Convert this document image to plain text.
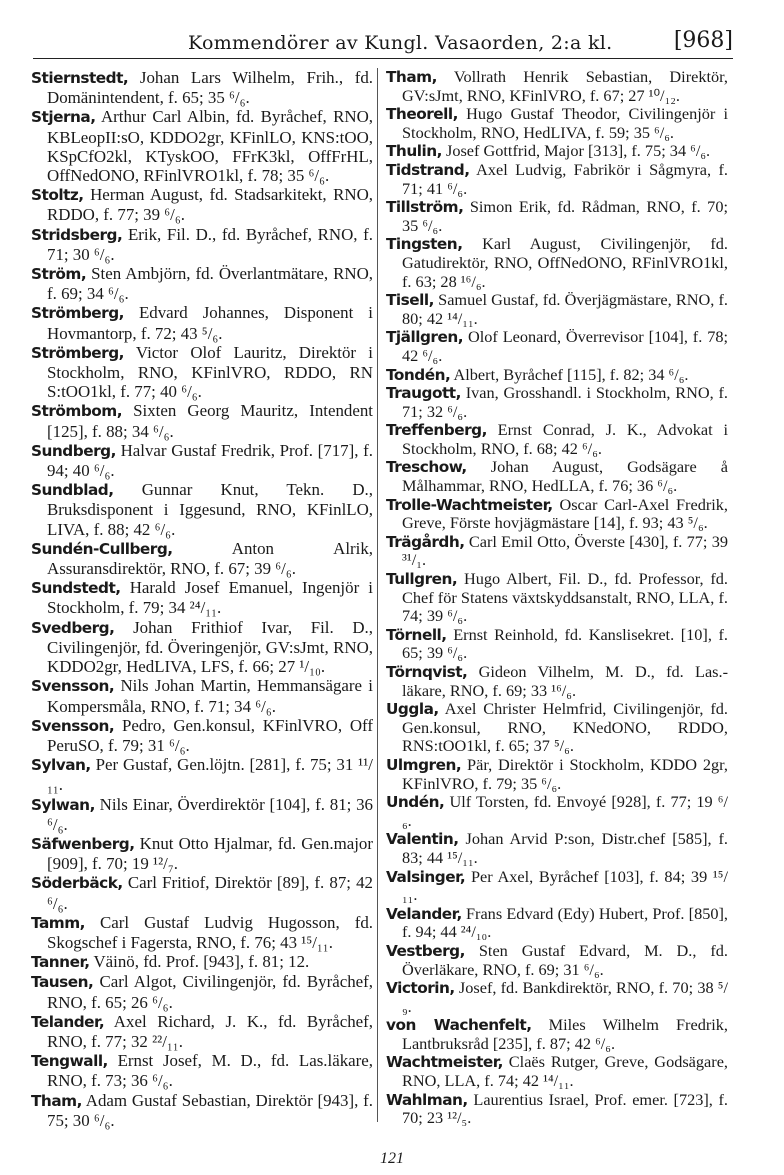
Kommendörer av Kungl. Vasaorden, 2:a kl.	[968]

Stiernstedt, Johan Lars Wilhelm, Frih., fd. Domänintendent, f. 65; 35 ⁶/₆.

Stjerna, Arthur Carl Albin, fd. Byråchef, RNO, KBLeopII:sO, KDDO2gr, KFinlLO, KNS:tOO, KSpCfO2kl, KTyskOO, FFrK3kl, OffFrHL, OffNedONO, RFinlVRO1kl, f. 78; 35 ⁶/₆.

Stoltz, Herman August, fd. Stadsarkitekt, RNO, RDDO, f. 77; 39 ⁶/₆.

Stridsberg, Erik, Fil. D., fd. Byråchef, RNO, f. 71; 30 ⁶/₆.

Ström, Sten Ambjörn, fd. Överlantmätare, RNO, f. 69; 34 ⁶/₆.

Strömberg, Edvard Johannes, Disponent i Hovmantorp, f. 72; 43 ⁵/₆.

Strömberg, Victor Olof Lauritz, Direktör i Stockholm, RNO, KFinlVRO, RDDO, RN S:tOO1kl, f. 77; 40 ⁶/₆.

Strömbom, Sixten Georg Mauritz, Intendent [125], f. 88; 34 ⁶/₆.

Sundberg, Halvar Gustaf Fredrik, Prof. [717], f. 94; 40 ⁶/₆.

Sundblad, Gunnar Knut, Tekn. D., Bruksdisponent i Iggesund, RNO, KFinlLO, LIVA, f. 88; 42 ⁶/₆.

Sundén-Cullberg, Anton Alrik, Assuransdirektör, RNO, f. 67; 39 ⁶/₆.

Sundstedt, Harald Josef Emanuel, Ingenjör i Stockholm, f. 79; 34 ²⁴/₁₁.

Svedberg, Johan Frithiof Ivar, Fil. D., Civilingenjör, fd. Överingenjör, GV:sJmt, RNO, KDDO2gr, HedLIVA, LFS, f. 66; 27 ¹/₁₀.

Svensson, Nils Johan Martin, Hemmansägare i Kompersmåla, RNO, f. 71; 34 ⁶/₆.

Svensson, Pedro, Gen.konsul, KFinlVRO, Off PeruSO, f. 79; 31 ⁶/₆.

Sylvan, Per Gustaf, Gen.löjtn. [281], f. 75; 31 ¹¹/₁₁.

Sylwan, Nils Einar, Överdirektör [104], f. 81; 36 ⁶/₆.

Säfwenberg, Knut Otto Hjalmar, fd. Gen.major [909], f. 70; 19 ¹²/₇.

Söderbäck, Carl Fritiof, Direktör [89], f. 87; 42 ⁶/₆.

Tamm, Carl Gustaf Ludvig Hugosson, fd. Skogschef i Fagersta, RNO, f. 76; 43 ¹⁵/₁₁.

Tanner, Väinö, fd. Prof. [943], f. 81; 12.

Tausen, Carl Algot, Civilingenjör, fd. Byråchef, RNO, f. 65; 26 ⁶/₆.

Telander, Axel Richard, J. K., fd. Byråchef, RNO, f. 77; 32 ²²/₁₁.

Tengwall, Ernst Josef, M. D., fd. Las.läkare, RNO, f. 73; 36 ⁶/₆.

Tham, Adam Gustaf Sebastian, Direktör [943], f. 75; 30 ⁶/₆.

Tham, Vollrath Henrik Sebastian, Direktör, GV:sJmt, RNO, KFinlVRO, f. 67; 27 ¹⁰/₁₂.

Theorell, Hugo Gustaf Theodor, Civilingenjör i Stockholm, RNO, HedLIVA, f. 59; 35 ⁶/₆.

Thulin, Josef Gottfrid, Major [313], f. 75; 34 ⁶/₆.

Tidstrand, Axel Ludvig, Fabrikör i Sågmyra, f. 71; 41 ⁶/₆.

Tillström, Simon Erik, fd. Rådman, RNO, f. 70; 35 ⁶/₆.

Tingsten, Karl August, Civilingenjör, fd. Gatudirektör, RNO, OffNedONO, RFinlVRO1kl, f. 63; 28 ¹⁶/₆.

Tisell, Samuel Gustaf, fd. Överjägmästare, RNO, f. 80; 42 ¹⁴/₁₁.

Tjällgren, Olof Leonard, Överrevisor [104], f. 78; 42 ⁶/₆.

Tondén, Albert, Byråchef [115], f. 82; 34 ⁶/₆.

Traugott, Ivan, Grosshandl. i Stockholm, RNO, f. 71; 32 ⁶/₆.

Treffenberg, Ernst Conrad, J. K., Advokat i Stockholm, RNO, f. 68; 42 ⁶/₆.

Treschow, Johan August, Godsägare å Målhammar, RNO, HedLLA, f. 76; 36 ⁶/₆.

Trolle-Wachtmeister, Oscar Carl-Axel Fredrik, Greve, Förste hovjägmästare [14], f. 93; 43 ⁵/₆.

Trägårdh, Carl Emil Otto, Överste [430], f. 77; 39 ³¹/₁.

Tullgren, Hugo Albert, Fil. D., fd. Professor, fd. Chef för Statens växtskyddsanstalt, RNO, LLA, f. 74; 39 ⁶/₆.

Törnell, Ernst Reinhold, fd. Kanslisekret. [10], f. 65; 39 ⁶/₆.

Törnqvist, Gideon Vilhelm, M. D., fd. Las.-läkare, RNO, f. 69; 33 ¹⁶/₆.

Uggla, Axel Christer Helmfrid, Civilingenjör, fd. Gen.konsul, RNO, KNedONO, RDDO, RNS:tOO1kl, f. 65; 37 ⁵/₆.

Ulmgren, Pär, Direktör i Stockholm, KDDO 2gr, KFinlVRO, f. 79; 35 ⁶/₆.

Undén, Ulf Torsten, fd. Envoyé [928], f. 77; 19 ⁶/₆.

Valentin, Johan Arvid P:son, Distr.chef [585], f. 83; 44 ¹⁵/₁₁.

Valsinger, Per Axel, Byråchef [103], f. 84; 39 ¹⁵/₁₁.

Velander, Frans Edvard (Edy) Hubert, Prof. [850], f. 94; 44 ²⁴/₁₀.

Vestberg, Sten Gustaf Edvard, M. D., fd. Överläkare, RNO, f. 69; 31 ⁶/₆.

Victorin, Josef, fd. Bankdirektör, RNO, f. 70; 38 ⁵/₉.

von Wachenfelt, Miles Wilhelm Fredrik, Lantbruksråd [235], f. 87; 42 ⁶/₆.

Wachtmeister, Claës Rutger, Greve, Godsägare, RNO, LLA, f. 74; 42 ¹⁴/₁₁.

Wahlman, Laurentius Israel, Prof. emer. [723], f. 70; 23 ¹²/₅.

121
